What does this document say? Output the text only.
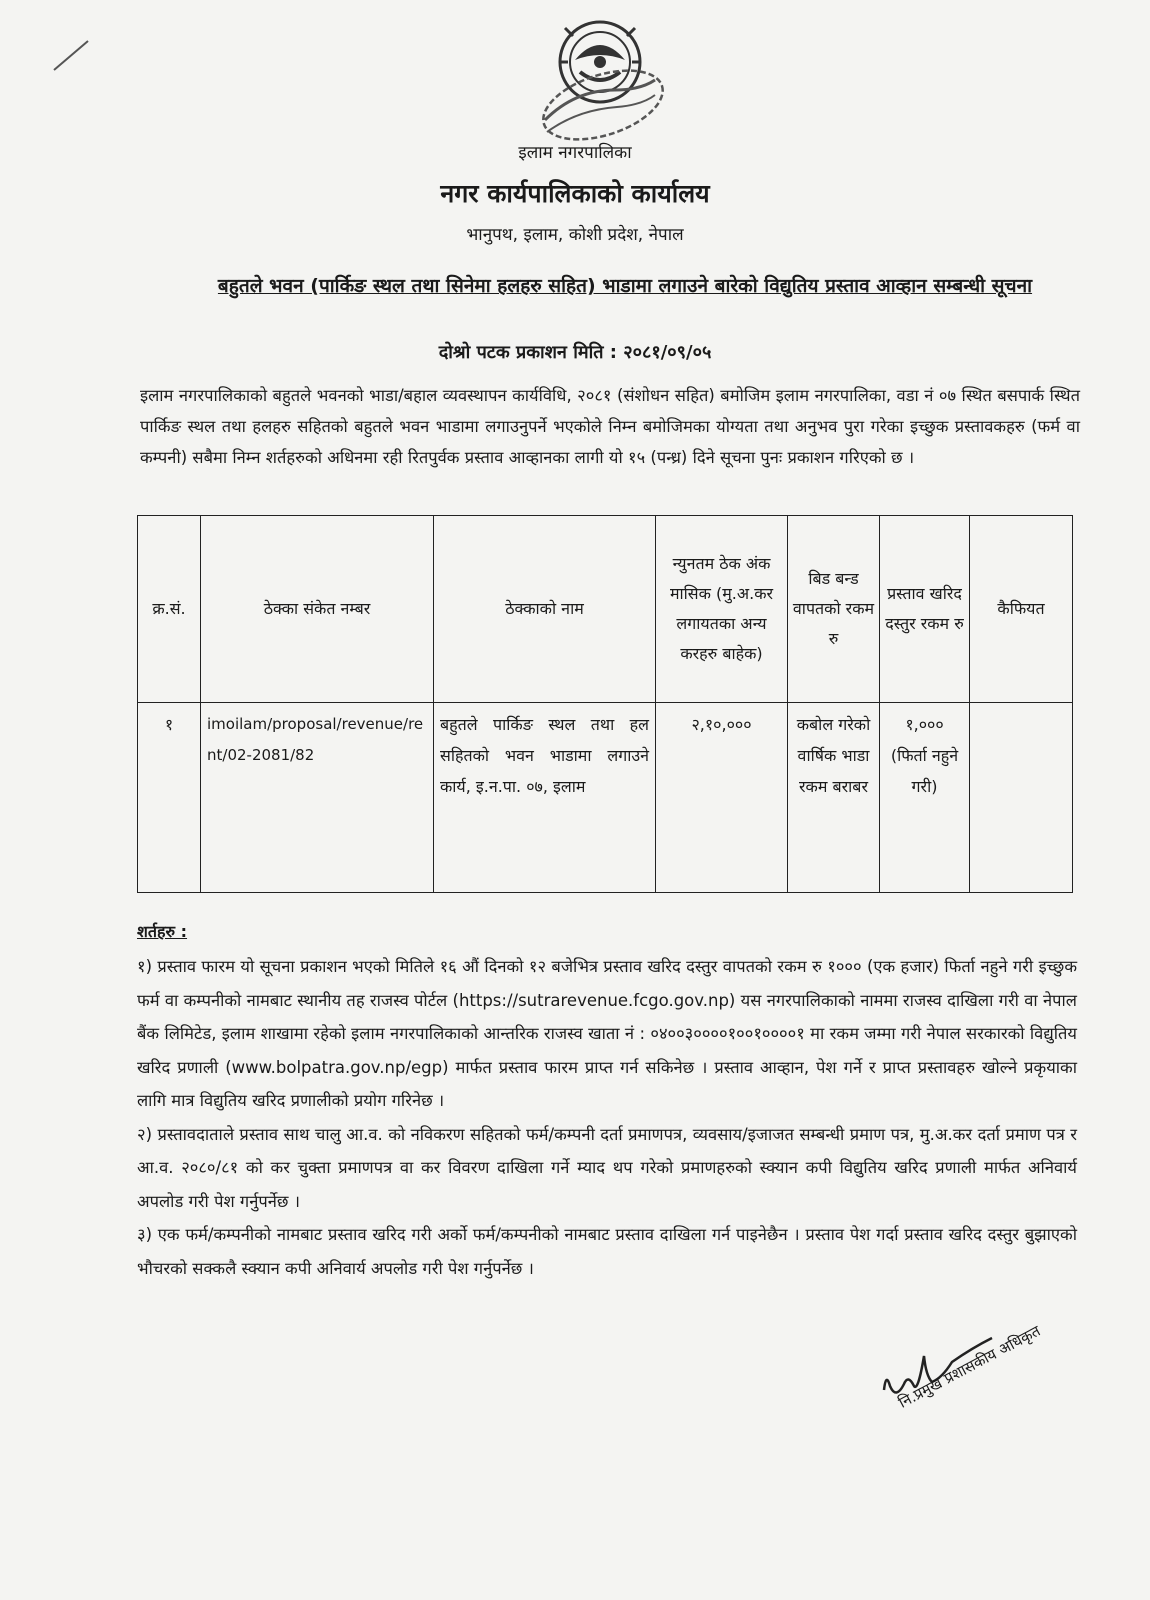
इलाम नगरपालिका
नगर कार्यपालिकाको कार्यालय
भानुपथ, इलाम, कोशी प्रदेश, नेपाल
बहुतले भवन (पार्किङ स्थल तथा सिनेमा हलहरु सहित) भाडामा लगाउने बारेको विद्युतिय प्रस्ताव आव्हान सम्बन्धी सूचना
दोश्रो पटक प्रकाशन मिति : २०८१/०९/०५
इलाम नगरपालिकाको बहुतले भवनको भाडा/बहाल व्यवस्थापन कार्यविधि, २०८१ (संशोधन सहित) बमोजिम इलाम नगरपालिका, वडा नं ०७ स्थित बसपार्क स्थित पार्किङ स्थल तथा हलहरु सहितको बहुतले भवन भाडामा लगाउनुपर्ने भएकोले निम्न बमोजिमका योग्यता तथा अनुभव पुरा गरेका इच्छुक प्रस्तावकहरु (फर्म वा कम्पनी) सबैमा निम्न शर्तहरुको अधिनमा रही रितपुर्वक प्रस्ताव आव्हानका लागी यो १५ (पन्ध्र) दिने सूचना पुनः प्रकाशन गरिएको छ ।
क्र.सं.	ठेक्का संकेत नम्बर	ठेक्काको नाम	न्युनतम ठेक अंक मासिक (मु.अ.कर लगायतका अन्य करहरु बाहेक)	बिड बन्ड वापतको रकम रु	प्रस्ताव खरिद दस्तुर रकम रु	कैफियत
१	imoilam/proposal/revenue/rent/02-2081/82	बहुतले पार्किङ स्थल तथा हल सहितको भवन भाडामा लगाउने कार्य, इ.न.पा. ०७, इलाम	२,१०,०००	कबोल गरेको वार्षिक भाडा रकम बराबर	१,००० (फिर्ता नहुने गरी)	
शर्तहरु :

१) प्रस्ताव फारम यो सूचना प्रकाशन भएको मितिले १६ औं दिनको १२ बजेभित्र प्रस्ताव खरिद दस्तुर वापतको रकम रु १००० (एक हजार) फिर्ता नहुने गरी इच्छुक फर्म वा कम्पनीको नामबाट स्थानीय तह राजस्व पोर्टल (https://sutrarevenue.fcgo.gov.np) यस नगरपालिकाको नाममा राजस्व दाखिला गरी वा नेपाल बैंक लिमिटेड, इलाम शाखामा रहेको इलाम नगरपालिकाको आन्तरिक राजस्व खाता नं : ०४००३००००१००१००००१ मा रकम जम्मा गरी नेपाल सरकारको विद्युतिय खरिद प्रणाली (www.bolpatra.gov.np/egp) मार्फत प्रस्ताव फारम प्राप्त गर्न सकिनेछ । प्रस्ताव आव्हान, पेश गर्ने र प्राप्त प्रस्तावहरु खोल्ने प्रकृयाका लागि मात्र विद्युतिय खरिद प्रणालीको प्रयोग गरिनेछ ।

२) प्रस्तावदाताले प्रस्ताव साथ चालु आ.व. को नविकरण सहितको फर्म/कम्पनी दर्ता प्रमाणपत्र, व्यवसाय/इजाजत सम्बन्धी प्रमाण पत्र, मु.अ.कर दर्ता प्रमाण पत्र र आ.व. २०८०/८१ को कर चुक्ता प्रमाणपत्र वा कर विवरण दाखिला गर्ने म्याद थप गरेको प्रमाणहरुको स्क्यान कपी विद्युतिय खरिद प्रणाली मार्फत अनिवार्य अपलोड गरी पेश गर्नुपर्नेछ ।

३) एक फर्म/कम्पनीको नामबाट प्रस्ताव खरिद गरी अर्को फर्म/कम्पनीको नामबाट प्रस्ताव दाखिला गर्न पाइनेछैन । प्रस्ताव पेश गर्दा प्रस्ताव खरिद दस्तुर बुझाएको भौचरको सक्कलै स्क्यान कपी अनिवार्य अपलोड गरी पेश गर्नुपर्नेछ ।

नि.प्रमुख प्रशासकीय अधिकृत
